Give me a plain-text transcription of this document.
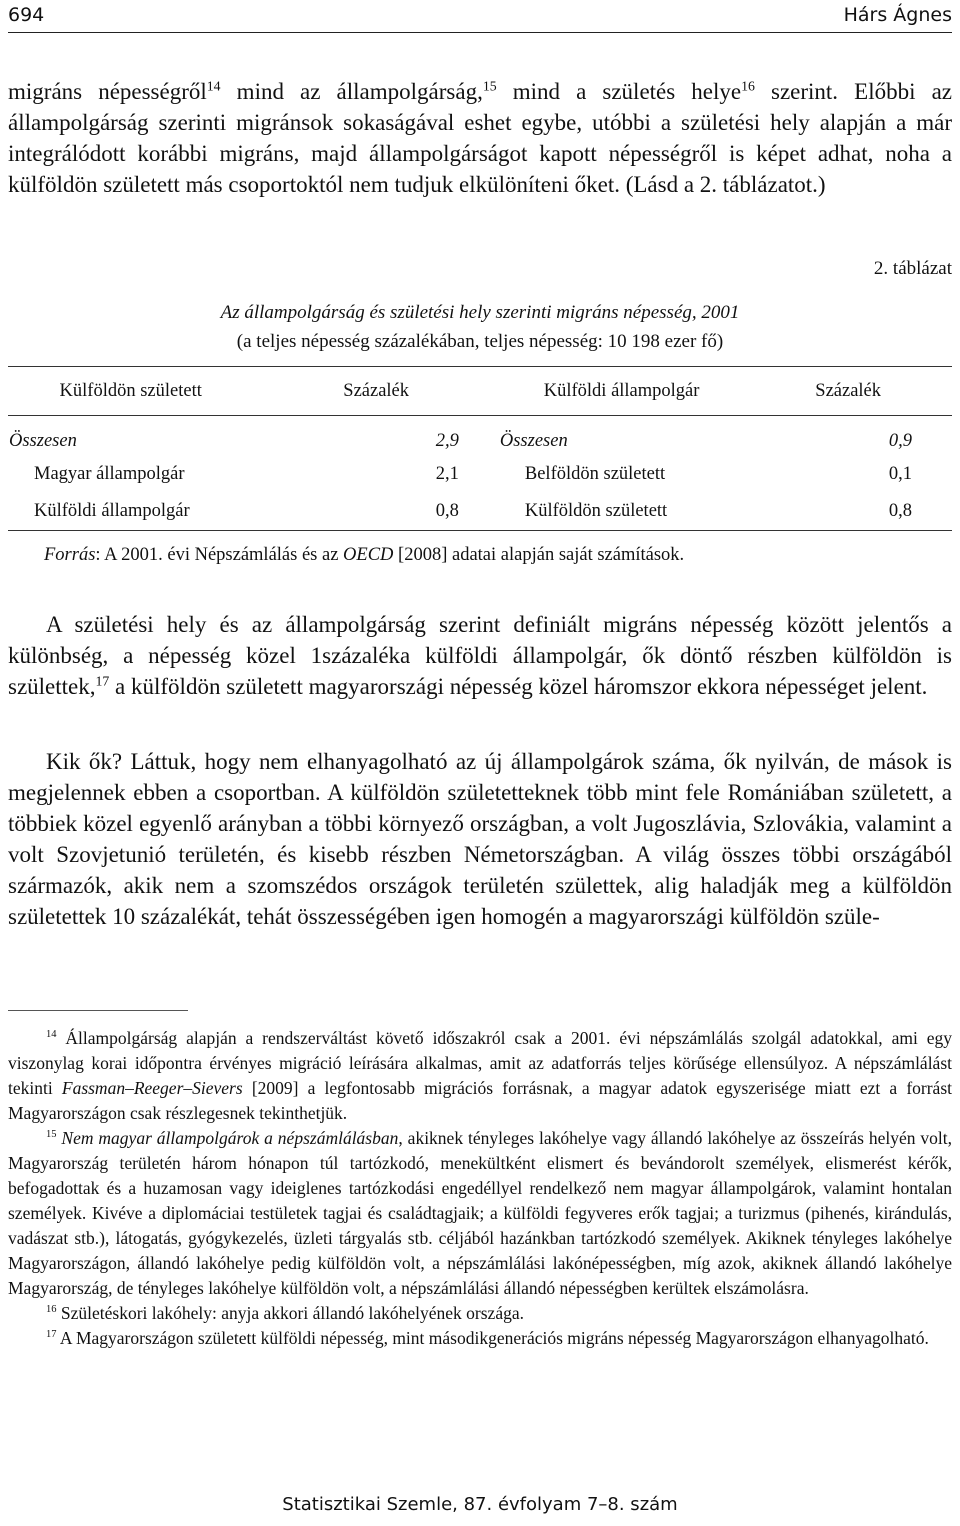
694	Hárs Ágnes

migráns népességről$^{14}$ mind az állampolgárság,$^{15}$ mind a születés helye$^{16}$ szerint. Előbbi az állampolgárság szerinti migránsok sokaságával eshet egybe, utóbbi a születési hely alapján a már integrálódott korábbi migráns, majd állampolgárságot kapott népességről is képet adhat, noha a külföldön született más csoportoktól nem tudjuk elkülöníteni őket. (Lásd a 2. táblázatot.)

2. táblázat
Az állampolgárság és születési hely szerinti migráns népesség, 2001
(a teljes népesség százalékában, teljes népesség: 10 198 ezer fő)
Külföldön született	Százalék	Külföldi állampolgár	Százalék
Összesen	2,9	Összesen	0,9
Magyar állampolgár	2,1	Belföldön született	0,1
Külföldi állampolgár	0,8	Külföldön született	0,8
Forrás: A 2001. évi Népszámlálás és az OECD [2008] adatai alapján saját számítások.

A születési hely és az állampolgárság szerint definiált migráns népesség között jelentős a különbség, a népesség közel 1százaléka külföldi állampolgár, ők döntő részben külföldön is születtek,$^{17}$ a külföldön született magyarországi népesség közel háromszor ekkora népességet jelent.

Kik ők? Láttuk, hogy nem elhanyagolható az új állampolgárok száma, ők nyilván, de mások is megjelennek ebben a csoportban. A külföldön születetteknek több mint fele Romániában született, a többiek közel egyenlő arányban a többi környező országban, a volt Jugoszlávia, Szlovákia, valamint a volt Szovjetunió területén, és kisebb részben Németországban. A világ összes többi országából származók, akik nem a szomszédos országok területén születtek, alig haladják meg a külföldön születettek 10 százalékát, tehát összességében igen homogén a magyarországi külföldön szüle-

$^{14}$ Állampolgárság alapján a rendszerváltást követő időszakról csak a 2001. évi népszámlálás szolgál adatokkal, ami egy viszonylag korai időpontra érvényes migráció leírására alkalmas, amit az adatforrás teljes körűsége ellensúlyoz. A népszámlálást tekinti Fassman–Reeger–Sievers [2009] a legfontosabb migrációs forrásnak, a magyar adatok egyszerisége miatt ezt a forrást Magyarországon csak részlegesnek tekinthetjük.

$^{15}$ Nem magyar állampolgárok a népszámlálásban, akiknek tényleges lakóhelye vagy állandó lakóhelye az összeírás helyén volt, Magyarország területén három hónapon túl tartózkodó, menekültként elismert és bevándorolt személyek, elismerést kérők, befogadottak és a huzamosan vagy ideiglenes tartózkodási engedéllyel rendelkező nem magyar állampolgárok, valamint hontalan személyek. Kivéve a diplomáciai testületek tagjai és családtagjaik; a külföldi fegyveres erők tagjai; a turizmus (pihenés, kirándulás, vadászat stb.), látogatás, gyógykezelés, üzleti tárgyalás stb. céljából hazánkban tartózkodó személyek. Akiknek tényleges lakóhelye Magyarországon, állandó lakóhelye pedig külföldön volt, a népszámlálási lakónépességben, míg azok, akiknek állandó lakóhelye Magyarország, de tényleges lakóhelye külföldön volt, a népszámlálási állandó népességben kerültek elszámolásra.

$^{16}$ Születéskori lakóhely: anyja akkori állandó lakóhelyének országa.

$^{17}$ A Magyarországon született külföldi népesség, mint másodikgenerációs migráns népesség Magyarországon elhanyagolható.

Statisztikai Szemle, 87. évfolyam 7–8. szám
